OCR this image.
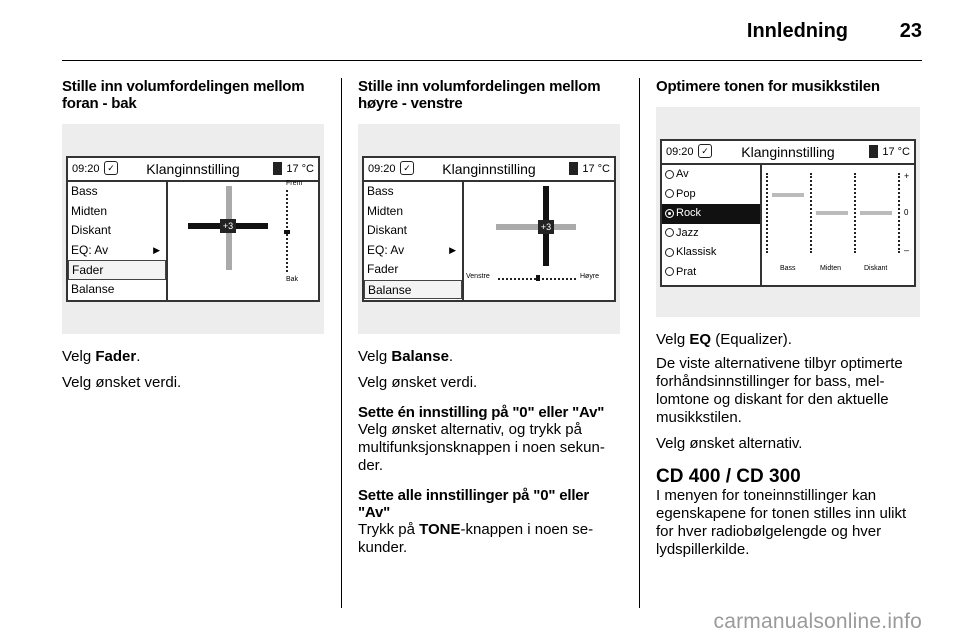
Innledning	23

Stille inn volumfordelingen mellom foran - bak

09:20 ✓	Klanginnstilling	17 °C
Bass
Midten
Diskant
EQ: Av	▶
Fader
Balanse
+3
Frem
Bak

Velg Fader.

Velg ønsket verdi.

Stille inn volumfordelingen mellom høyre - venstre

09:20 ✓	Klanginnstilling	17 °C
Bass
Midten
Diskant
EQ: Av	▶
Fader
Balanse
+3
Venstre	Høyre

Velg Balanse.

Velg ønsket verdi.

Sette én innstilling på "0" eller "Av"

Velg ønsket alternativ, og trykk på multifunksjonsknappen i noen sekun-der.

Sette alle innstillinger på "0" eller "Av"

Trykk på TONE-knappen i noen se-kunder.

Optimere tonen for musikkstilen

09:20 ✓	Klanginnstilling	17 °C
Av
Pop
Rock
Jazz
Klassisk
Prat
+
0
–
Bass	Midten	Diskant

Velg EQ (Equalizer).

De viste alternativene tilbyr optimerte forhåndsinnstillinger for bass, mel-lomtone og diskant for den aktuelle musikkstilen.

Velg ønsket alternativ.

CD 400 / CD 300

I menyen for toneinnstillinger kan egenskapene for tonen stilles inn ulikt for hver radiobølgelengde og hver lydspillerkilde.

carmanualsonline.info
